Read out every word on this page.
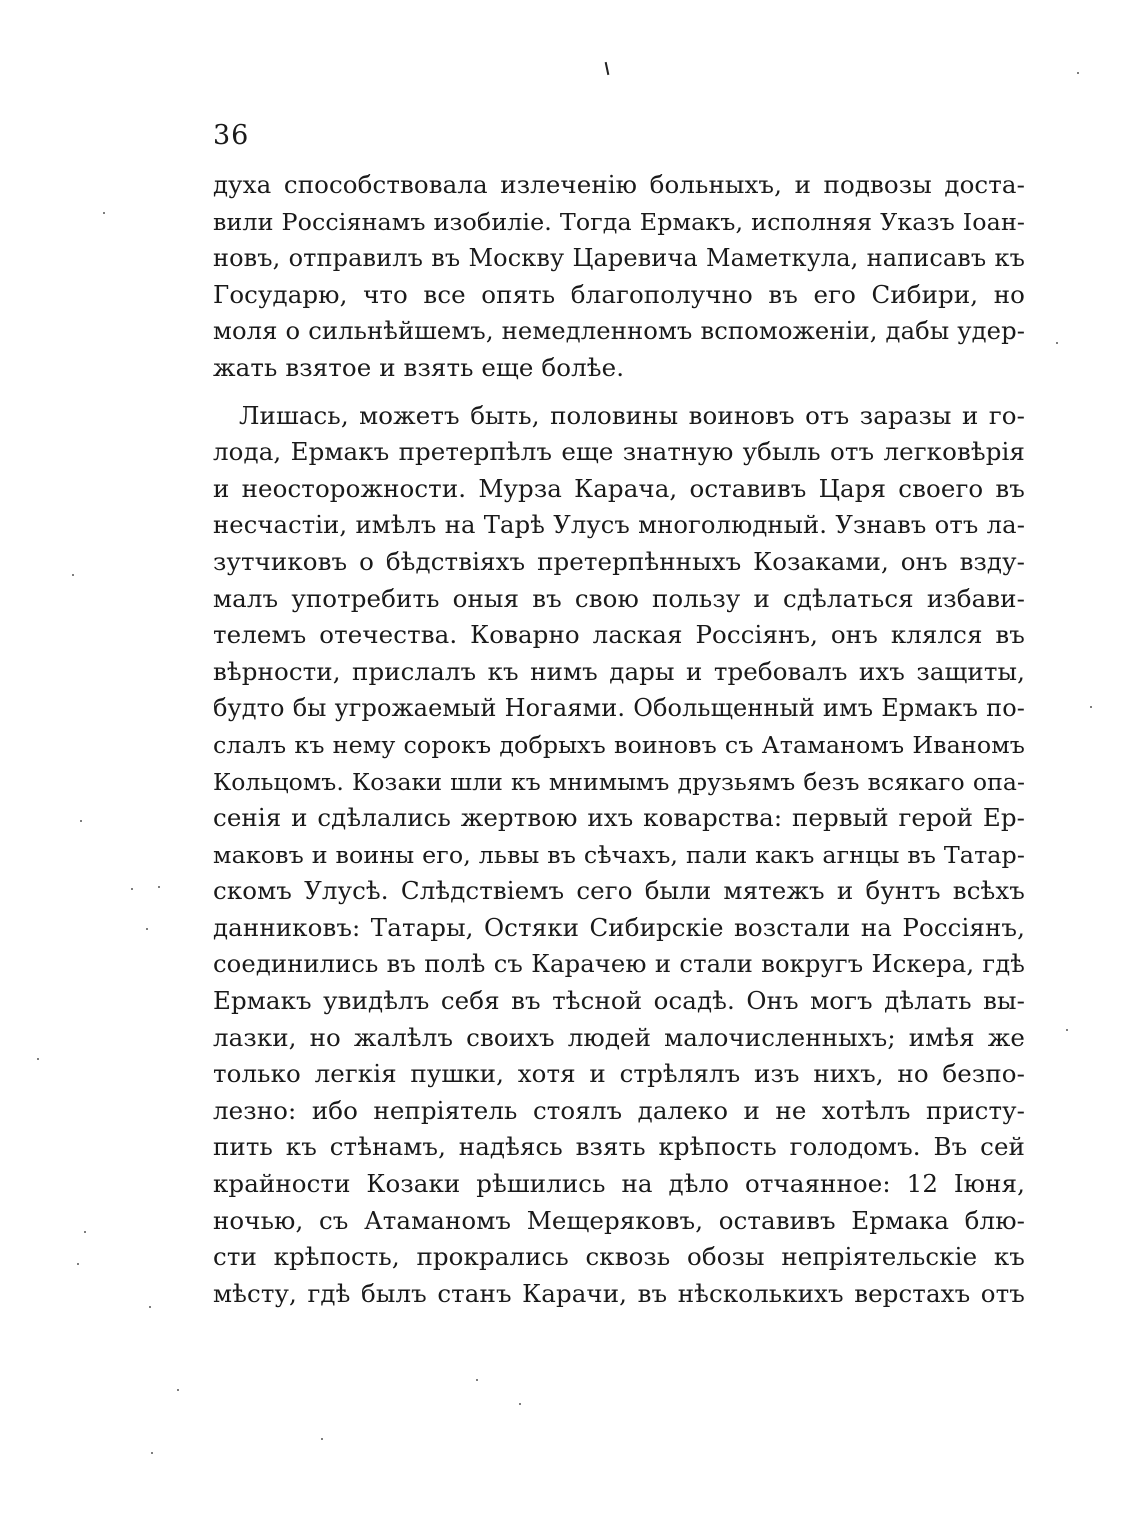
36
духа способствовала излеченію больныхъ, и подвозы доста-
вили Россіянамъ изобиліе. Тогда Ермакъ, исполняя Указъ Іоан-
новъ, отправилъ въ Москву Царевича Маметкула, написавъ къ
Государю, что все опять благополучно въ его Сибири, но
моля о сильнѣйшемъ, немедленномъ вспоможеніи, дабы удер-
жать взятое и взять еще болѣе.
Лишась, можетъ быть, половины воиновъ отъ заразы и го-
лода, Ермакъ претерпѣлъ еще знатную убыль отъ легковѣрія
и неосторожности. Мурза Карача, оставивъ Царя своего въ
несчастіи, имѣлъ на Тарѣ Улусъ многолюдный. Узнавъ отъ ла-
зутчиковъ о бѣдствіяхъ претерпѣнныхъ Козаками, онъ взду-
малъ употребить оныя въ свою пользу и сдѣлаться избави-
телемъ отечества. Коварно лаская Россіянъ, онъ клялся въ
вѣрности, прислалъ къ нимъ дары и требовалъ ихъ защиты,
будто бы угрожаемый Ногаями. Обольщенный имъ Ермакъ по-
слалъ къ нему сорокъ добрыхъ воиновъ съ Атаманомъ Иваномъ
Кольцомъ. Козаки шли къ мнимымъ друзьямъ безъ всякаго опа-
сенія и сдѣлались жертвою ихъ коварства: первый герой Ер-
маковъ и воины его, львы въ сѣчахъ, пали какъ агнцы въ Татар-
скомъ Улусѣ. Слѣдствіемъ сего были мятежъ и бунтъ всѣхъ
данниковъ: Татары, Остяки Сибирскіе возстали на Россіянъ,
соединились въ полѣ съ Карачею и стали вокругъ Искера, гдѣ
Ермакъ увидѣлъ себя въ тѣсной осадѣ. Онъ могъ дѣлать вы-
лазки, но жалѣлъ своихъ людей малочисленныхъ; имѣя же
только легкія пушки, хотя и стрѣлялъ изъ нихъ, но безпо-
лезно: ибо непріятель стоялъ далеко и не хотѣлъ присту-
пить къ стѣнамъ, надѣясь взять крѣпость голодомъ. Въ сей
крайности Козаки рѣшились на дѣло отчаянное: 12 Іюня,
ночью, съ Атаманомъ Мещеряковъ, оставивъ Ермака блю-
сти крѣпость, прокрались сквозь обозы непріятельскіе къ
мѣсту, гдѣ былъ станъ Карачи, въ нѣсколькихъ верстахъ отъ
